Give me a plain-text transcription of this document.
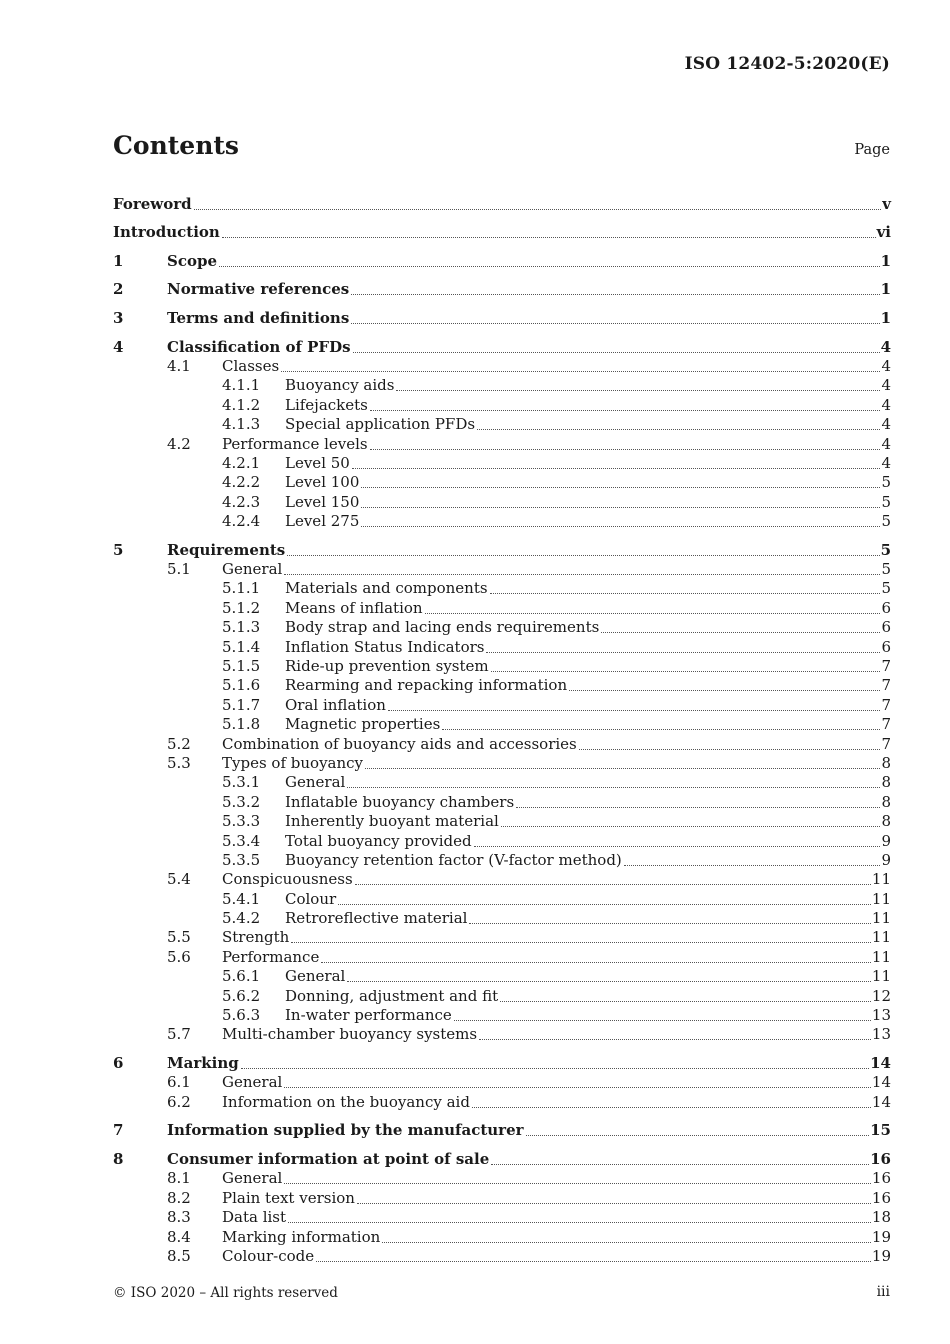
ISO 12402-5:2020(E)
Contents	Page
Foreword	v
Introduction	vi
1	Scope	1
2	Normative references	1
3	Terms and definitions	1
4	Classification of PFDs	4
4.1	Classes	4
4.1.1	Buoyancy aids	4
4.1.2	Lifejackets	4
4.1.3	Special application PFDs	4
4.2	Performance levels	4
4.2.1	Level 50	4
4.2.2	Level 100	5
4.2.3	Level 150	5
4.2.4	Level 275	5
5	Requirements	5
5.1	General	5
5.1.1	Materials and components	5
5.1.2	Means of inflation	6
5.1.3	Body strap and lacing ends requirements	6
5.1.4	Inflation Status Indicators	6
5.1.5	Ride-up prevention system	7
5.1.6	Rearming and repacking information	7
5.1.7	Oral inflation	7
5.1.8	Magnetic properties	7
5.2	Combination of buoyancy aids and accessories	7
5.3	Types of buoyancy	8
5.3.1	General	8
5.3.2	Inflatable buoyancy chambers	8
5.3.3	Inherently buoyant material	8
5.3.4	Total buoyancy provided	9
5.3.5	Buoyancy retention factor (V-factor method)	9
5.4	Conspicuousness	11
5.4.1	Colour	11
5.4.2	Retroreflective material	11
5.5	Strength	11
5.6	Performance	11
5.6.1	General	11
5.6.2	Donning, adjustment and fit	12
5.6.3	In-water performance	13
5.7	Multi-chamber buoyancy systems	13
6	Marking	14
6.1	General	14
6.2	Information on the buoyancy aid	14
7	Information supplied by the manufacturer	15
8	Consumer information at point of sale	16
8.1	General	16
8.2	Plain text version	16
8.3	Data list	18
8.4	Marking information	19
8.5	Colour-code	19
© ISO 2020 – All rights reserved	iii
